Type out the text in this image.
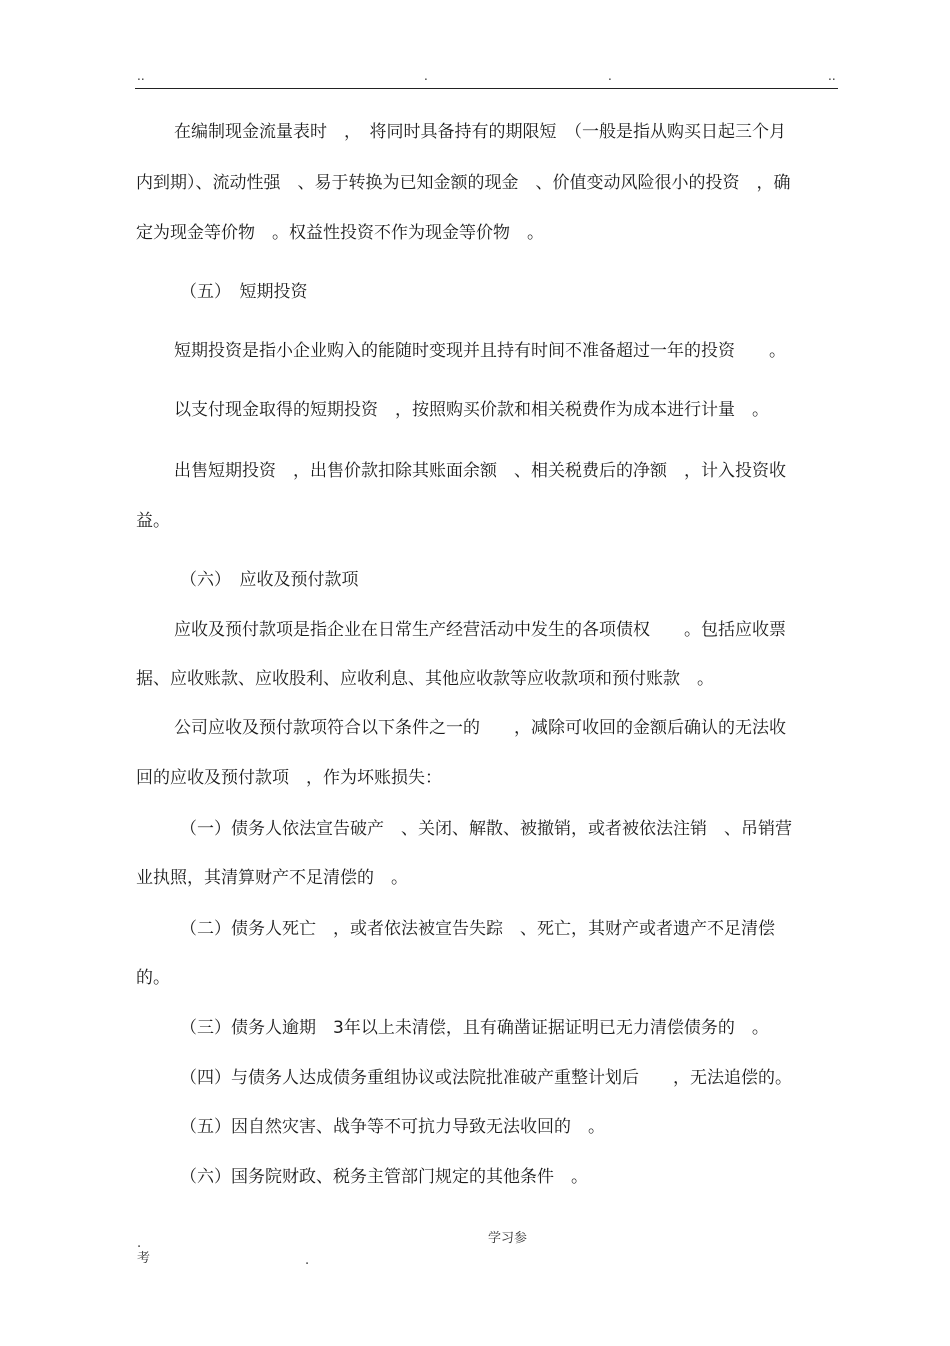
..	.	.	..
在编制现金流量表时　，　将同时具备持有的期限短　（一般是指从购买日起三个月
内到期）、流动性强　、易于转换为已知金额的现金　、价值变动风险很小的投资　，确
定为现金等价物　。权益性投资不作为现金等价物　。
（五）　短期投资
短期投资是指小企业购入的能随时变现并且持有时间不准备超过一年的投资　　。
以支付现金取得的短期投资　，按照购买价款和相关税费作为成本进行计量　。
出售短期投资　，出售价款扣除其账面余额　、相关税费后的净额　，计入投资收
益。
（六）　应收及预付款项
应收及预付款项是指企业在日常生产经营活动中发生的各项债权　　。包括应收票
据、应收账款、应收股利、应收利息、其他应收款等应收款项和预付账款　。
公司应收及预付款项符合以下条件之一的　　，减除可收回的金额后确认的无法收
回的应收及预付款项　，作为坏账损失：
（一）债务人依法宣告破产　、关闭、解散、被撤销，或者被依法注销　、吊销营
业执照，其清算财产不足清偿的　。
（二）债务人死亡　，或者依法被宣告失踪　、死亡，其财产或者遗产不足清偿
的。
（三）债务人逾期　3年以上未清偿，且有确凿证据证明已无力清偿债务的　。
（四）与债务人达成债务重组协议或法院批准破产重整计划后　　，无法追偿的。
（五）因自然灾害、战争等不可抗力导致无法收回的　。
（六）国务院财政、税务主管部门规定的其他条件　。
学习参
.
考	.
